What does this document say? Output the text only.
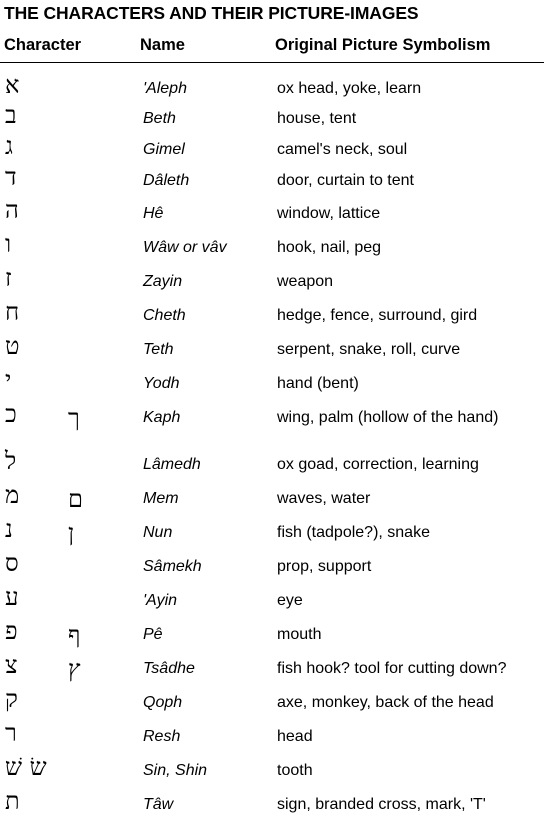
THE CHARACTERS AND THEIR PICTURE-IMAGES
Character	Name	Original Picture Symbolism
א	'Aleph	ox head, yoke, learn
ב	Beth	house, tent
ג	Gimel	camel's neck, soul
ד	Dâleth	door, curtain to tent
ה	Hê	window, lattice
ו	Wâw or vâv	hook, nail, peg
ז	Zayin	weapon
ח	Cheth	hedge, fence, surround, gird
ט	Teth	serpent, snake, roll, curve
י	Yodh	hand (bent)
כ ך	Kaph	wing, palm (hollow of the hand)
ל	Lâmedh	ox goad, correction, learning
מ ם	Mem	waves, water
נ ן	Nun	fish (tadpole?), snake
ס	Sâmekh	prop, support
ע	'Ayin	eye
פ ף	Pê	mouth
צ ץ	Tsâdhe	fish hook? tool for cutting down?
ק	Qoph	axe, monkey, back of the head
ר	Resh	head
שׂ שׁ	Sin, Shin	tooth
ת	Tâw	sign, branded cross, mark, 'T'
